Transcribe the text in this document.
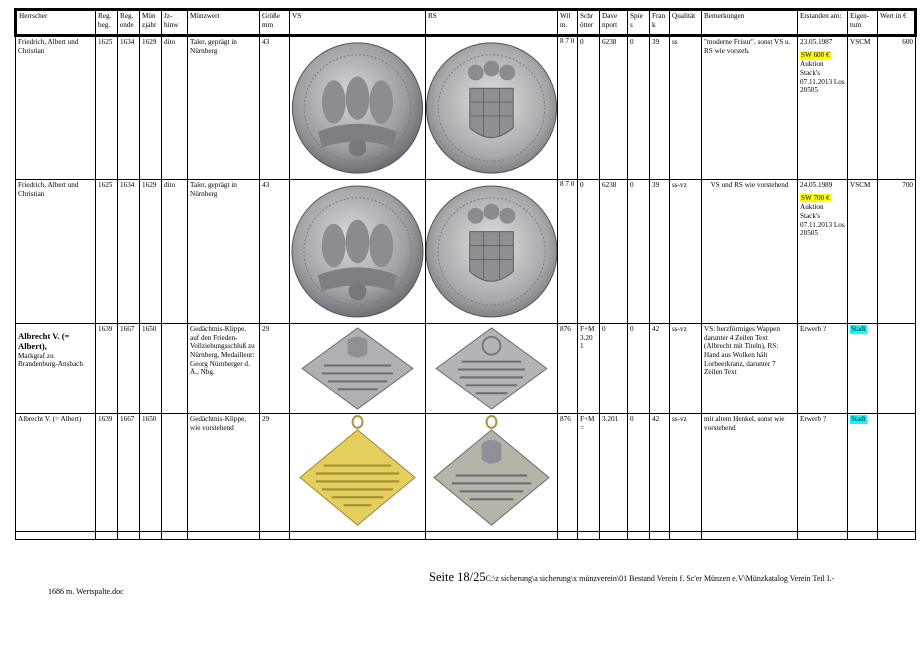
Herrscher	Reg. beg.	Reg. ende	Mün zjahr	Jz-hinw	Münzwert	Größe mm	VS	RS	Wil m.	Schr ötter	Dave nport	Spie s	Fran k	Qualität	Bemerkungen	Erstanden am:	Eigen-tum	Wert in €
Friedrich, Albert und Christian	1625	1634	1629	dito	Taler, geprägt in Nürnberg	43			8 7 0	0	6238	0	39	ss	"moderne Frisur", sonst VS u. RS wie vorsteh.	23.05.1987
SW 600 €
Auktion Stack's 07.11.2013 Los 20505	VSCM	600
Friedrich, Albert und Christian	1625	1634	1629	dito	Taler, geprägt in Nürnberg	43			8 7 0	0	6238	0	39	ss-vz	VS und RS wie vorstehend	24.05.1989
SW 700 €
Auktion Stack's 07.11.2013 Los 20505	VSCM	700

Albrecht V. (= Albert),
Markgraf zu Brandenburg-Ansbach	1639	1667	1650		Gedächtnis-Klippe, auf den Frieden-Vollziehungsschluß zu Nürnberg, Medailleur: Georg Nürnberger d. Ä., Nbg.	29			876	F+M 3.20 1	0	0	42	ss-vz	VS: herzförmiges Wappen darunter 4 Zeilen Text (Albrecht mit Titeln), RS: Hand aus Wolken hält Lorbeerkranz, darunter 7 Zeilen Text	Erwerb ?	Stadt	
Albrecht V. (= Albert)	1639	1667	1650		Gedächtnis-Klippe, wie vorstehend	29			876	F+M =	3.201	0	42	ss-vz	mit altem Henkel, sonst wie vorstehend	Erwerb ?	Stadt	

Seite 18/25C:\z sicherung\a sicherung\x münzverein\01 Bestand Verein f. Sc'er Münzen e.V\Münzkatalog Verein Teil I.-
1686 m. Wertspalte.doc
